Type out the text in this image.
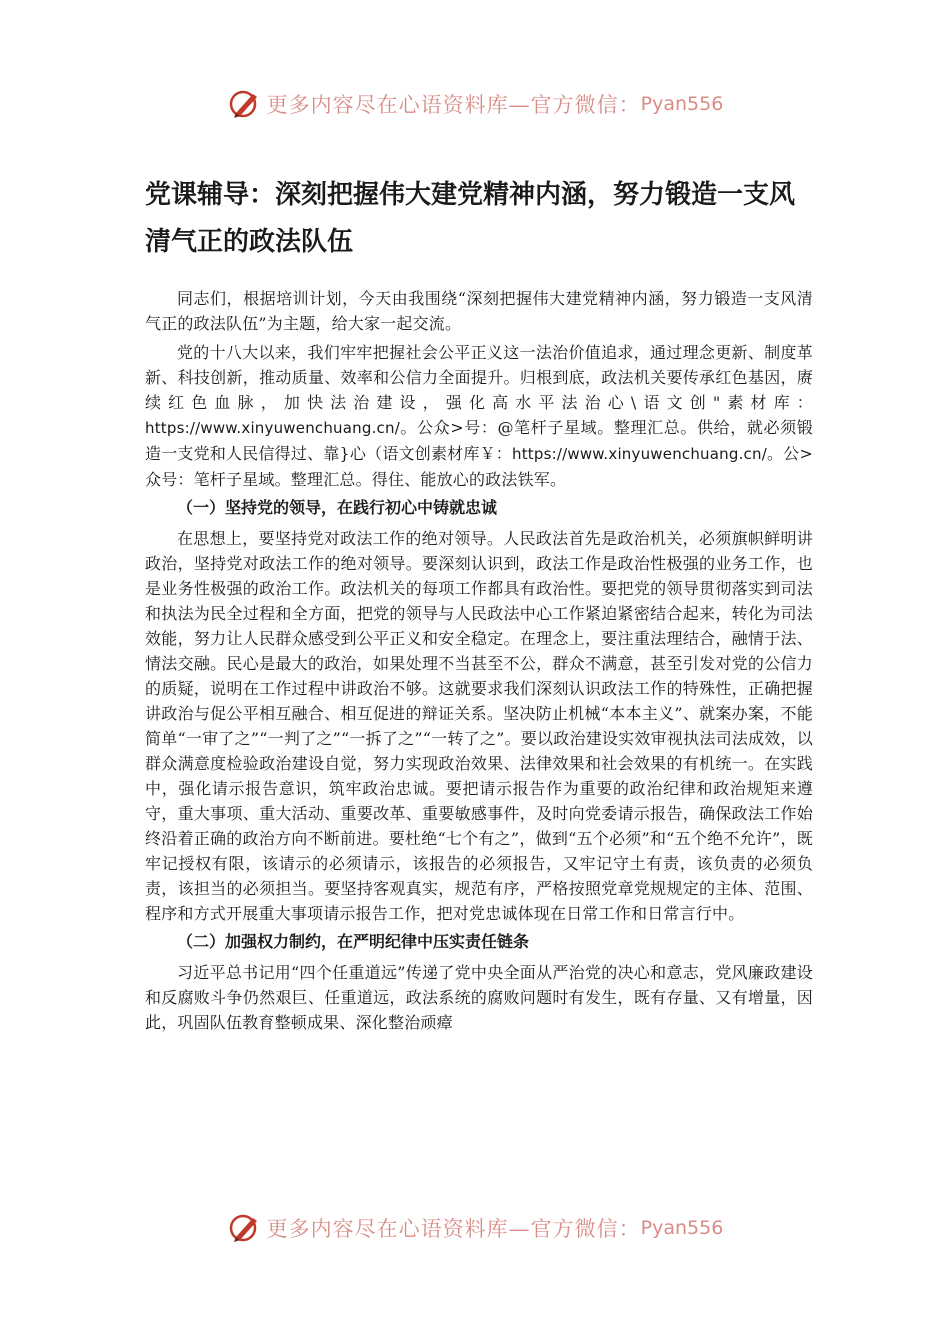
更多内容尽在心语资料库—官方微信： Pyan556
党课辅导：深刻把握伟大建党精神内涵，努力锻造一支风清气正的政法队伍

同志们，根据培训计划，今天由我围绕“深刻把握伟大建党精神内涵，努力锻造一支风清气正的政法队伍”为主题，给大家一起交流。

党的十八大以来，我们牢牢把握社会公平正义这一法治价值追求，通过理念更新、制度革新、科技创新，推动质量、效率和公信力全面提升。归根到底，政法机关要传承红色基因，赓续红色血脉，加快法治建设，强化高水平法治心\语文创"素材库：https://www.xinyuwenchuang.cn/。公众>号：@笔杆子星域。整理汇总。供给，就必须锻造一支党和人民信得过、靠}心（语文创素材库￥：https://www.xinyuwenchuang.cn/。公>众号：笔杆子星域。整理汇总。得住、能放心的政法铁军。

（一）坚持党的领导，在践行初心中铸就忠诚

在思想上，要坚持党对政法工作的绝对领导。人民政法首先是政治机关，必须旗帜鲜明讲政治，坚持党对政法工作的绝对领导。要深刻认识到，政法工作是政治性极强的业务工作，也是业务性极强的政治工作。政法机关的每项工作都具有政治性。要把党的领导贯彻落实到司法和执法为民全过程和全方面，把党的领导与人民政法中心工作紧迫紧密结合起来，转化为司法效能，努力让人民群众感受到公平正义和安全稳定。在理念上，要注重法理结合，融情于法、情法交融。民心是最大的政治，如果处理不当甚至不公，群众不满意，甚至引发对党的公信力的质疑，说明在工作过程中讲政治不够。这就要求我们深刻认识政法工作的特殊性，正确把握讲政治与促公平相互融合、相互促进的辩证关系。坚决防止机械“本本主义”、就案办案，不能简单“一审了之”“一判了之”“一拆了之”“一转了之”。要以政治建设实效审视执法司法成效，以群众满意度检验政治建设自觉，努力实现政治效果、法律效果和社会效果的有机统一。在实践中，强化请示报告意识，筑牢政治忠诚。要把请示报告作为重要的政治纪律和政治规矩来遵守，重大事项、重大活动、重要改革、重要敏感事件，及时向党委请示报告，确保政法工作始终沿着正确的政治方向不断前进。要杜绝“七个有之”，做到“五个必须”和“五个绝不允许”，既牢记授权有限，该请示的必须请示，该报告的必须报告，又牢记守土有责，该负责的必须负责，该担当的必须担当。要坚持客观真实，规范有序，严格按照党章党规规定的主体、范围、程序和方式开展重大事项请示报告工作，把对党忠诚体现在日常工作和日常言行中。

（二）加强权力制约，在严明纪律中压实责任链条

习近平总书记用“四个任重道远”传递了党中央全面从严治党的决心和意志，党风廉政建设和反腐败斗争仍然艰巨、任重道远，政法系统的腐败问题时有发生，既有存量、又有增量，因此，巩固队伍教育整顿成果、深化整治顽瘴

更多内容尽在心语资料库—官方微信： Pyan556
